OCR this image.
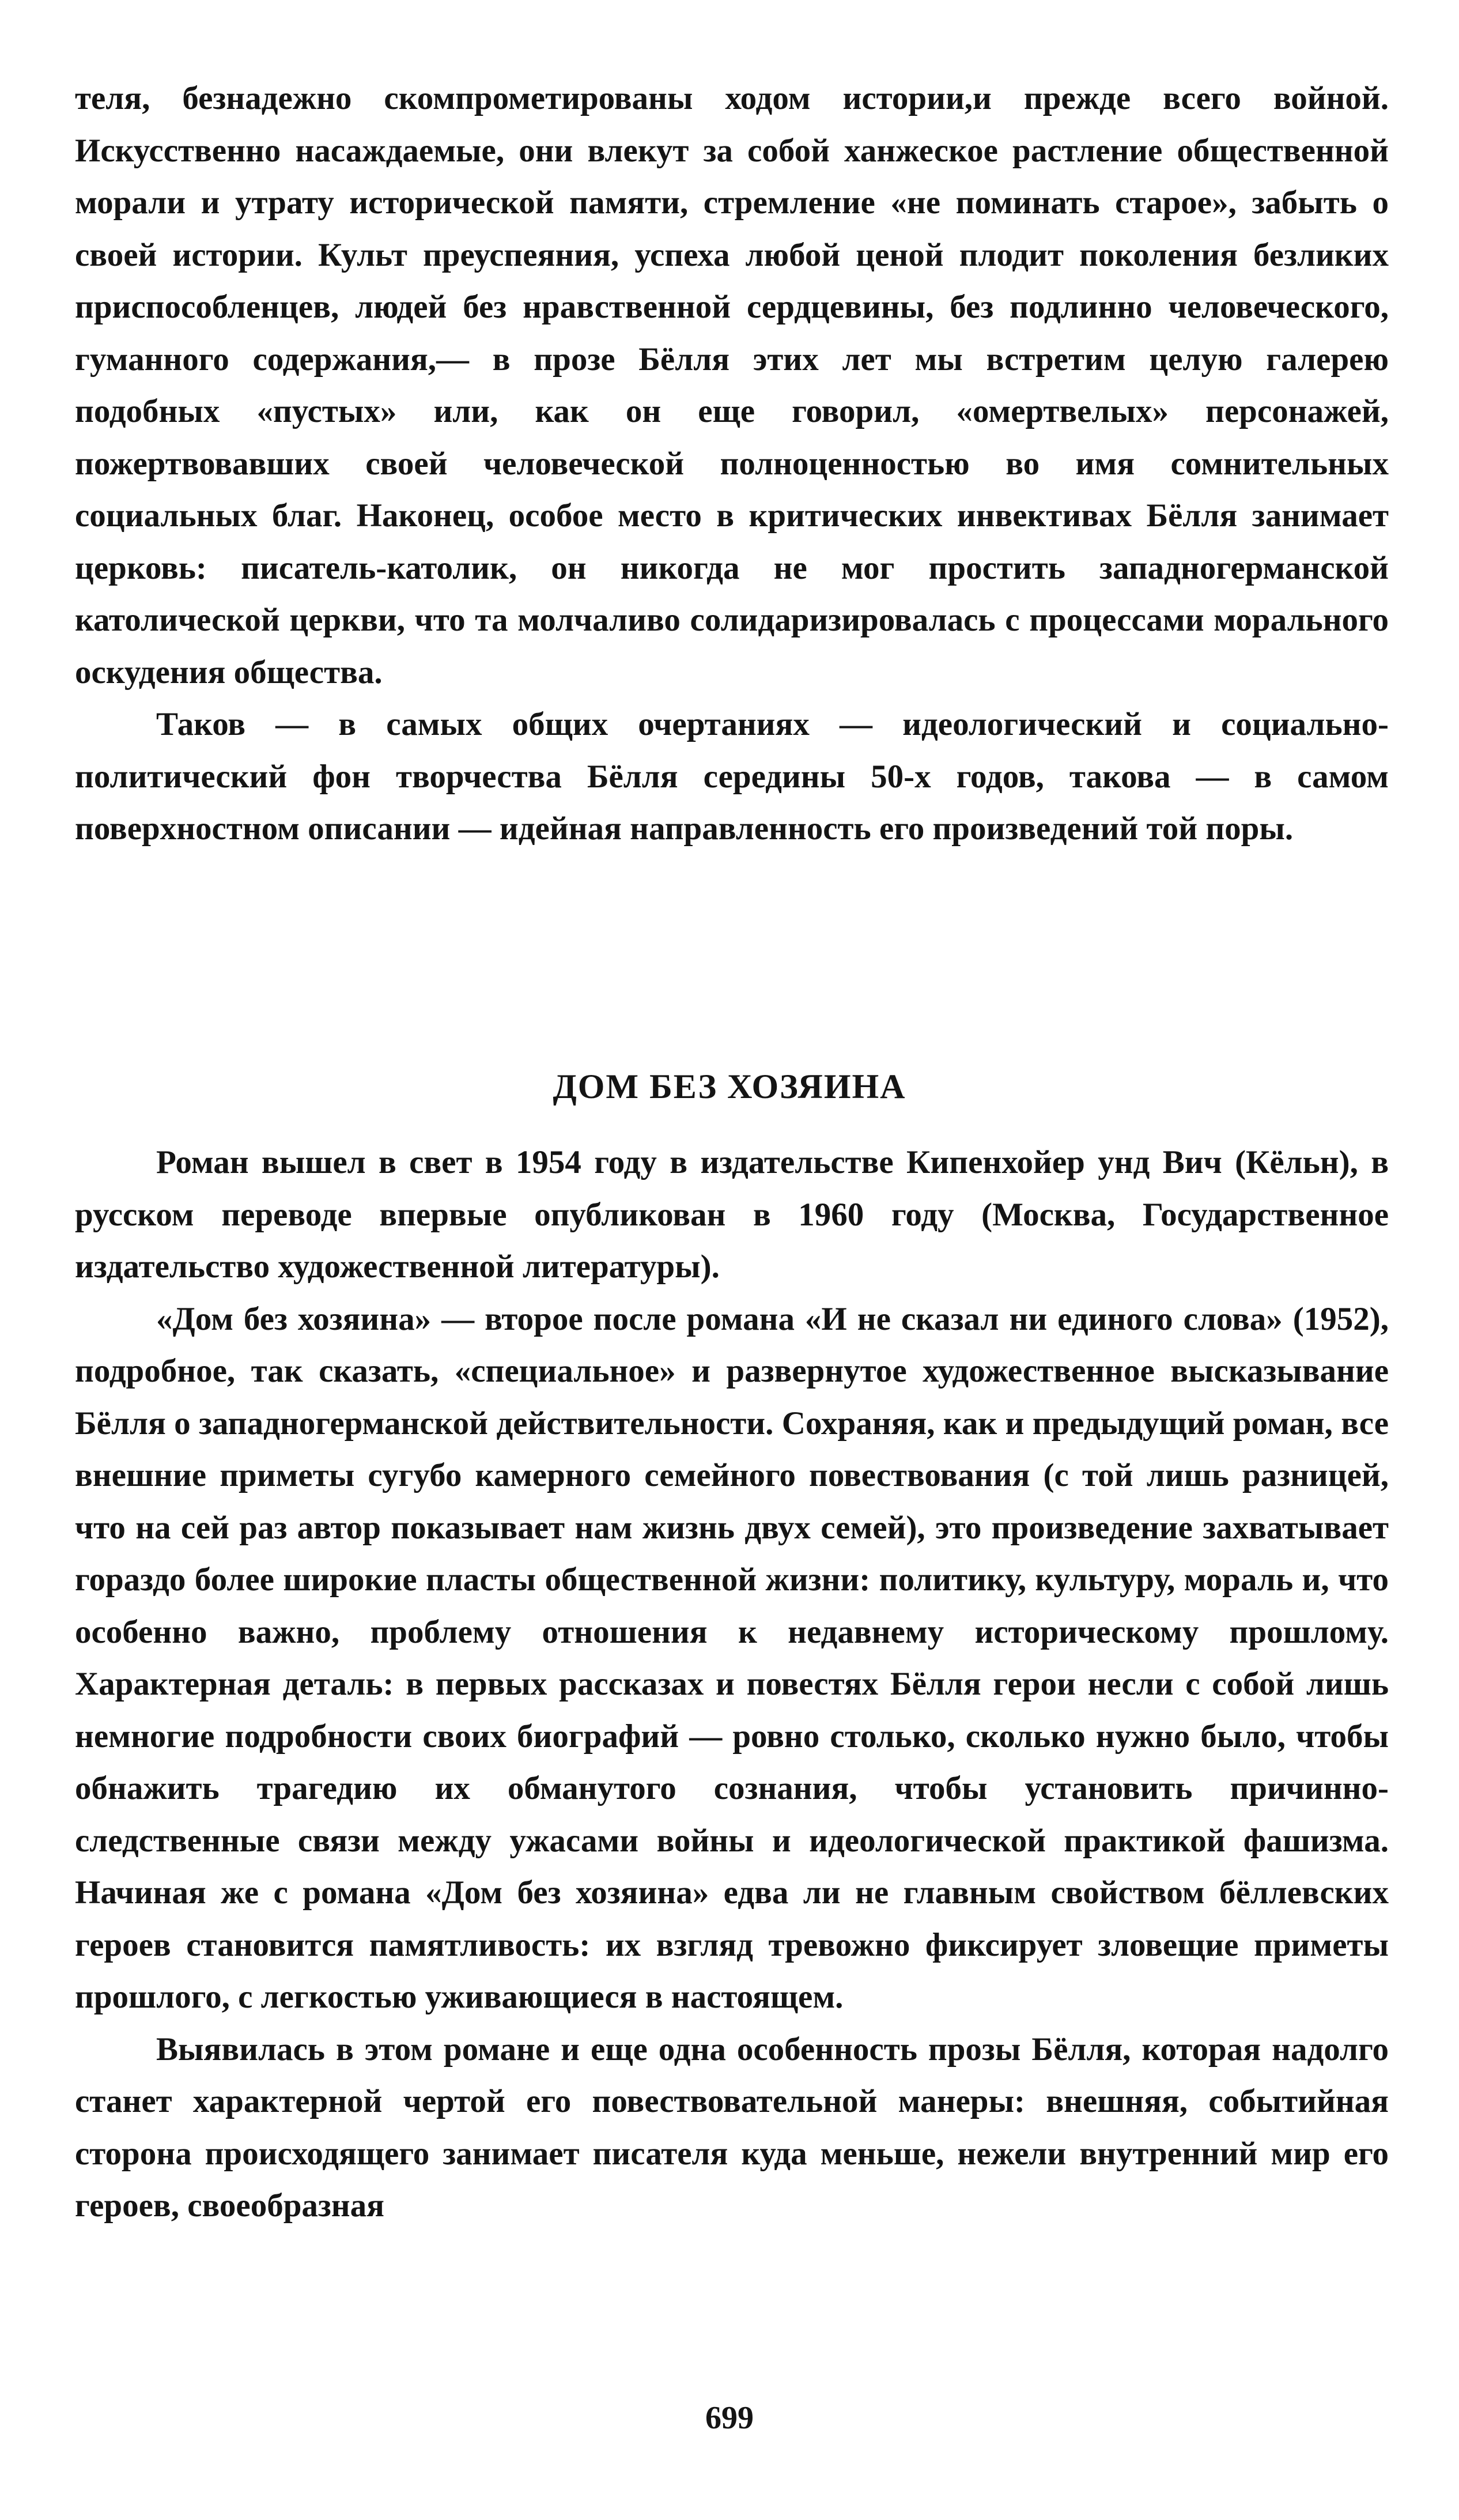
теля, безнадежно скомпрометированы ходом истории,и прежде всего войной. Искусственно насаждаемые, они влекут за собой ханжеское растление общественной морали и утрату исторической памяти, стремление «не поминать старое», забыть о своей истории. Культ преуспеяния, успеха любой ценой плодит поколения безликих приспособленцев, людей без нравственной сердцевины, без подлинно человеческого, гуманного содержания,— в прозе Бёлля этих лет мы встретим целую галерею подобных «пустых» или, как он еще говорил, «омертвелых» персонажей, пожертвовавших своей человеческой полноценностью во имя сомнительных социальных благ. Наконец, особое место в критических инвективах Бёлля занимает церковь: писатель-католик, он никогда не мог простить западногерманской католической церкви, что та молчаливо солидаризировалась с процессами морального оскудения общества.

Таков — в самых общих очертаниях — идеологический и социально-политический фон творчества Бёлля середины 50-х годов, такова — в самом поверхностном описании — идейная направленность его произведений той поры.

ДОМ БЕЗ ХОЗЯИНА

Роман вышел в свет в 1954 году в издательстве Кипенхойер унд Вич (Кёльн), в русском переводе впервые опубликован в 1960 году (Москва, Государственное издательство художественной литературы).

«Дом без хозяина» — второе после романа «И не сказал ни единого слова» (1952), подробное, так сказать, «специальное» и развернутое художественное высказывание Бёлля о западногерманской действительности. Сохраняя, как и предыдущий роман, все внешние приметы сугубо камерного семейного повествования (с той лишь разницей, что на сей раз автор показывает нам жизнь двух семей), это произведение захватывает гораздо более широкие пласты общественной жизни: политику, культуру, мораль и, что особенно важно, проблему отношения к недавнему историческому прошлому. Характерная деталь: в первых рассказах и повестях Бёлля герои несли с собой лишь немногие подробности своих биографий — ровно столько, сколько нужно было, чтобы обнажить трагедию их обманутого сознания, чтобы установить причинно-следственные связи между ужасами войны и идеологической практикой фашизма. Начиная же с романа «Дом без хозяина» едва ли не главным свойством бёллевских героев становится памятливость: их взгляд тревожно фиксирует зловещие приметы прошлого, с легкостью уживающиеся в настоящем.

Выявилась в этом романе и еще одна особенность прозы Бёлля, которая надолго станет характерной чертой его повествовательной манеры: внешняя, событийная сторона происходящего занимает писателя куда меньше, нежели внутренний мир его героев, своеобразная

699
